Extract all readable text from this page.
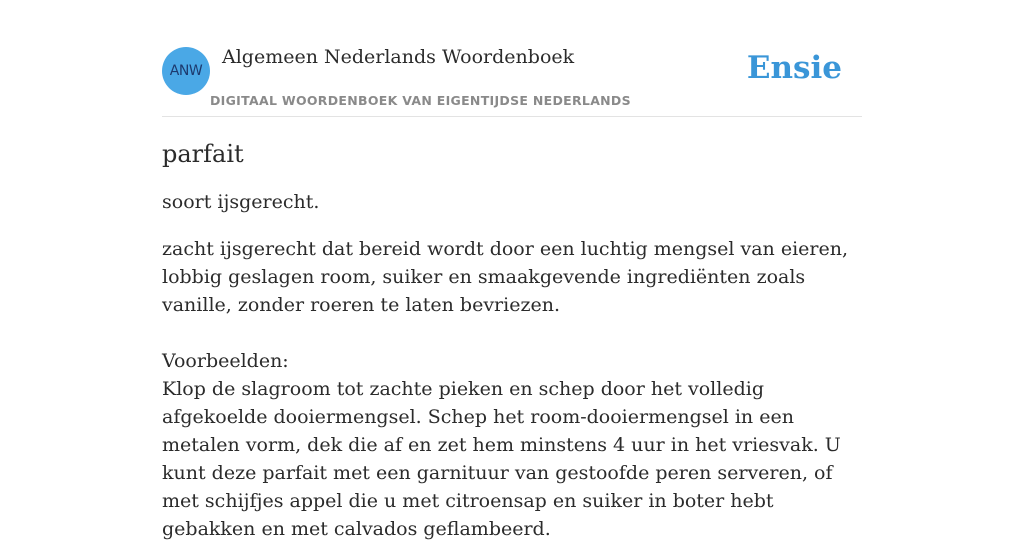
ANW
Algemeen Nederlands Woordenboek
DIGITAAL WOORDENBOEK VAN EIGENTIJDSE NEDERLANDS
Ensie
parfait

soort ijsgerecht.

zacht ijsgerecht dat bereid wordt door een luchtig mengsel van eieren, lobbig geslagen room, suiker en smaakgevende ingrediënten zoals vanille, zonder roeren te laten bevriezen.

Voorbeelden:
Klop de slagroom tot zachte pieken en schep door het volledig afgekoelde dooiermengsel. Schep het room-dooiermengsel in een metalen vorm, dek die af en zet hem minstens 4 uur in het vriesvak. U kunt deze parfait met een garnituur van gestoofde peren serveren, of met schijfjes appel die u met citroensap en suiker in boter hebt gebakken en met calvados geflambeerd.
